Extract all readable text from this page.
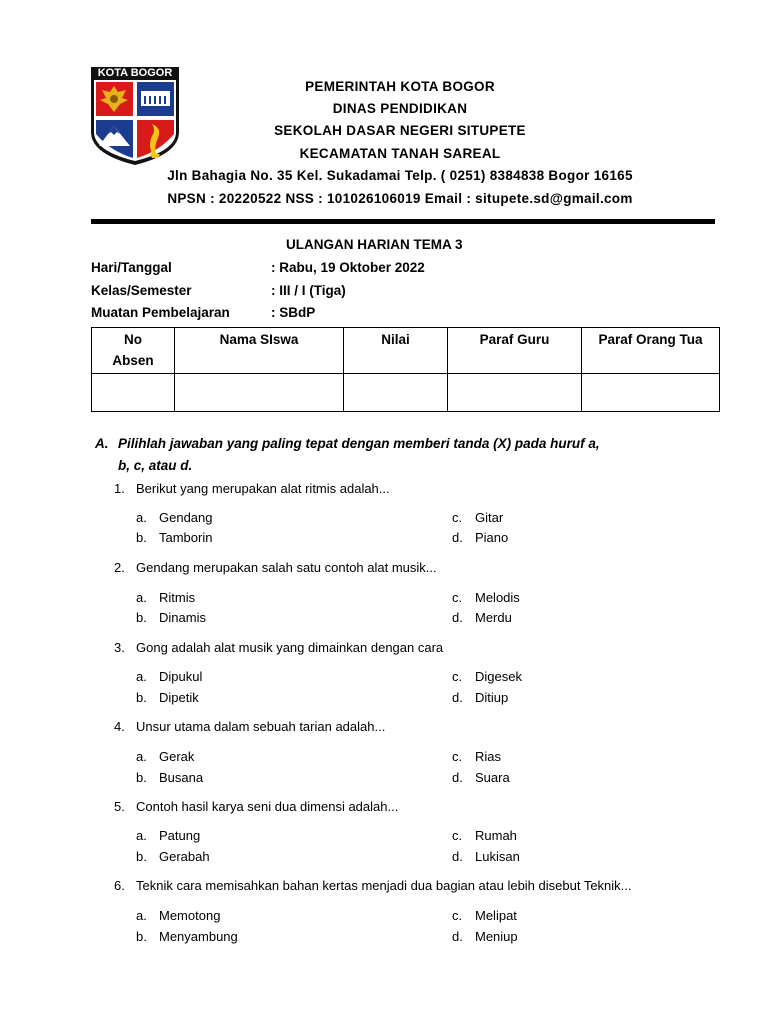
KOTA BOGOR
PEMERINTAH KOTA BOGOR
DINAS PENDIDIKAN
SEKOLAH DASAR NEGERI SITUPETE
KECAMATAN TANAH SAREAL
Jln Bahagia No. 35 Kel. Sukadamai Telp. ( 0251) 8384838 Bogor 16165
NPSN : 20220522 NSS : 101026106019 Email : situpete.sd@gmail.com
ULANGAN HARIAN TEMA 3
Hari/Tanggal	: Rabu, 19 Oktober 2022
Kelas/Semester	: III / I (Tiga)
Muatan Pembelajaran	: SBdP
No
Absen	Nama SIswa	Nilai	Paraf Guru	Paraf Orang Tua

A. Pilihlah jawaban yang paling tepat dengan memberi tanda (X) pada huruf a,
b, c, atau d.
1. Berikut yang merupakan alat ritmis adalah...
a. Gendang	c. Gitar
b. Tamborin	d. Piano
2. Gendang merupakan salah satu contoh alat musik...
a. Ritmis	c. Melodis
b. Dinamis	d. Merdu
3. Gong adalah alat musik yang dimainkan dengan cara
a. Dipukul	c. Digesek
b. Dipetik	d. Ditiup
4. Unsur utama dalam sebuah tarian adalah...
a. Gerak	c. Rias
b. Busana	d. Suara
5. Contoh hasil karya seni dua dimensi adalah...
a. Patung	c. Rumah
b. Gerabah	d. Lukisan
6. Teknik cara memisahkan bahan kertas menjadi dua bagian atau lebih disebut Teknik...
a. Memotong	c. Melipat
b. Menyambung	d. Meniup
